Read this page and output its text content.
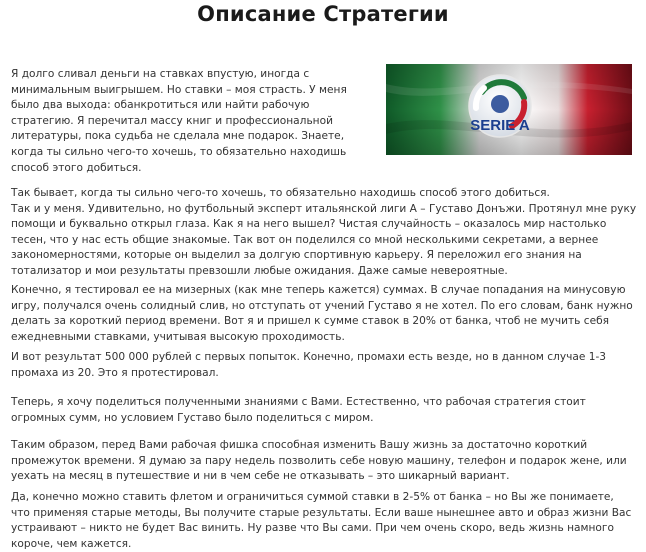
Описание Стратегии

Я долго сливал деньги на ставках впустую, иногда с
минимальным выигрышем. Но ставки – моя страсть. У меня
было два выхода: обанкротиться или найти рабочую
стратегию. Я перечитал массу книг и профессиональной
литературы, пока судьба не сделала мне подарок. Знаете,
когда ты сильно чего-то хочешь, то обязательно находишь
способ этого добиться.

SERIE A

Так бывает, когда ты сильно чего-то хочешь, то обязательно находишь способ этого добиться.
Так и у меня. Удивительно, но футбольный эксперт итальянской лиги А – Густаво Донъжи. Протянул мне руку
помощи и буквально открыл глаза. Как я на него вышел? Чистая случайность – оказалось мир настолько
тесен, что у нас есть общие знакомые. Так вот он поделился со мной несколькими секретами, а вернее
закономерностями, которые он выделил за долгую спортивную карьеру. Я переложил его знания на
тотализатор и мои результаты превзошли любые ожидания. Даже самые невероятные.

Конечно, я тестировал ее на мизерных (как мне теперь кажется) суммах. В случае попадания на минусовую
игру, получался очень солидный слив, но отступать от учений Густаво я не хотел. По его словам, банк нужно
делать за короткий период времени. Вот я и пришел к сумме ставок в 20% от банка, чтоб не мучить себя
ежедневными ставками, учитывая высокую проходимость.

И вот результат 500 000 рублей с первых попыток. Конечно, промахи есть везде, но в данном случае 1-3
промаха из 20. Это я протестировал.

Теперь, я хочу поделиться полученными знаниями с Вами. Естественно, что рабочая стратегия стоит
огромных сумм, но условием Густаво было поделиться с миром.

Таким образом, перед Вами рабочая фишка способная изменить Вашу жизнь за достаточно короткий
промежуток времени. Я думаю за пару недель позволить себе новую машину, телефон и подарок жене, или
уехать на месяц в путешествие и ни в чем себе не отказывать – это шикарный вариант.

Да, конечно можно ставить флетом и ограничиться суммой ставки в 2-5% от банка – но Вы же понимаете,
что применяя старые методы, Вы получите старые результаты. Если ваше нынешнее авто и образ жизни Вас
устраивают – никто не будет Вас винить. Ну разве что Вы сами. При чем очень скоро, ведь жизнь намного
короче, чем кажется.
